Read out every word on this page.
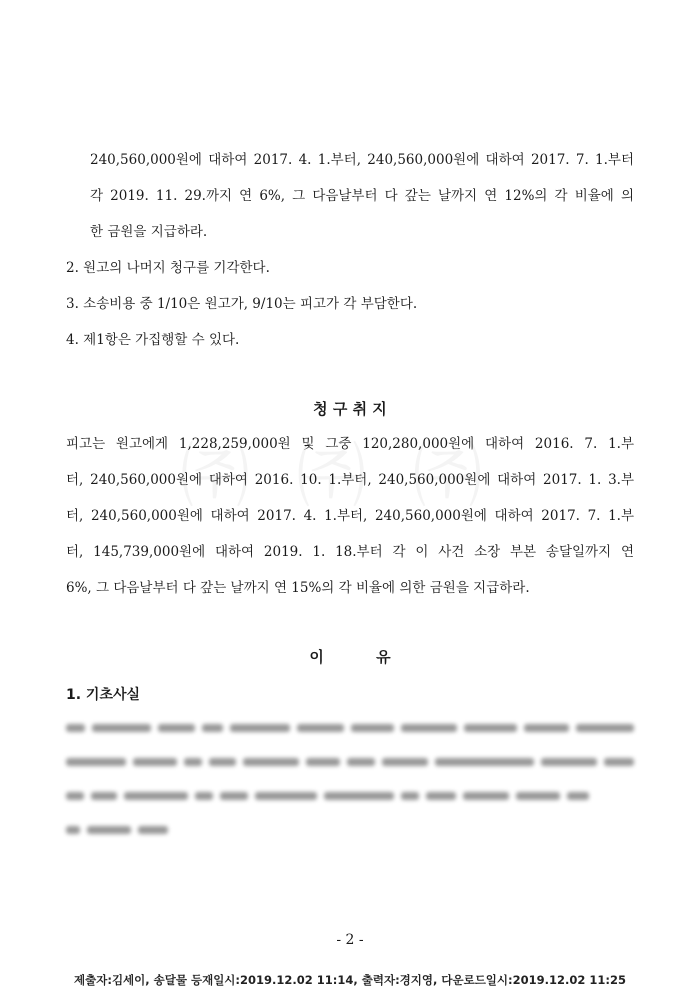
240,560,000원에 대하여 2017. 4. 1.부터, 240,560,000원에 대하여 2017. 7. 1.부터
각 2019. 11. 29.까지 연 6%, 그 다음날부터 다 갚는 날까지 연 12%의 각 비율에 의
한 금원을 지급하라.
2. 원고의 나머지 청구를 기각한다.
3. 소송비용 중 1/10은 원고가, 9/10는 피고가 각 부담한다.
4. 제1항은 가집행할 수 있다.
청 구 취 지
피고는 원고에게 1,228,259,000원 및 그중 120,280,000원에 대하여 2016. 7. 1.부
터, 240,560,000원에 대하여 2016. 10. 1.부터, 240,560,000원에 대하여 2017. 1. 3.부
터, 240,560,000원에 대하여 2017. 4. 1.부터, 240,560,000원에 대하여 2017. 7. 1.부
터, 145,739,000원에 대하여 2019. 1. 18.부터 각 이 사건 소장 부본 송달일까지 연
6%, 그 다음날부터 다 갚는 날까지 연 15%의 각 비율에 의한 금원을 지급하라.
이          유
1. 기초사실
- 2 -
제출자:김세이, 송달물 등재일시:2019.12.02 11:14, 출력자:경지영, 다운로드일시:2019.12.02 11:25
